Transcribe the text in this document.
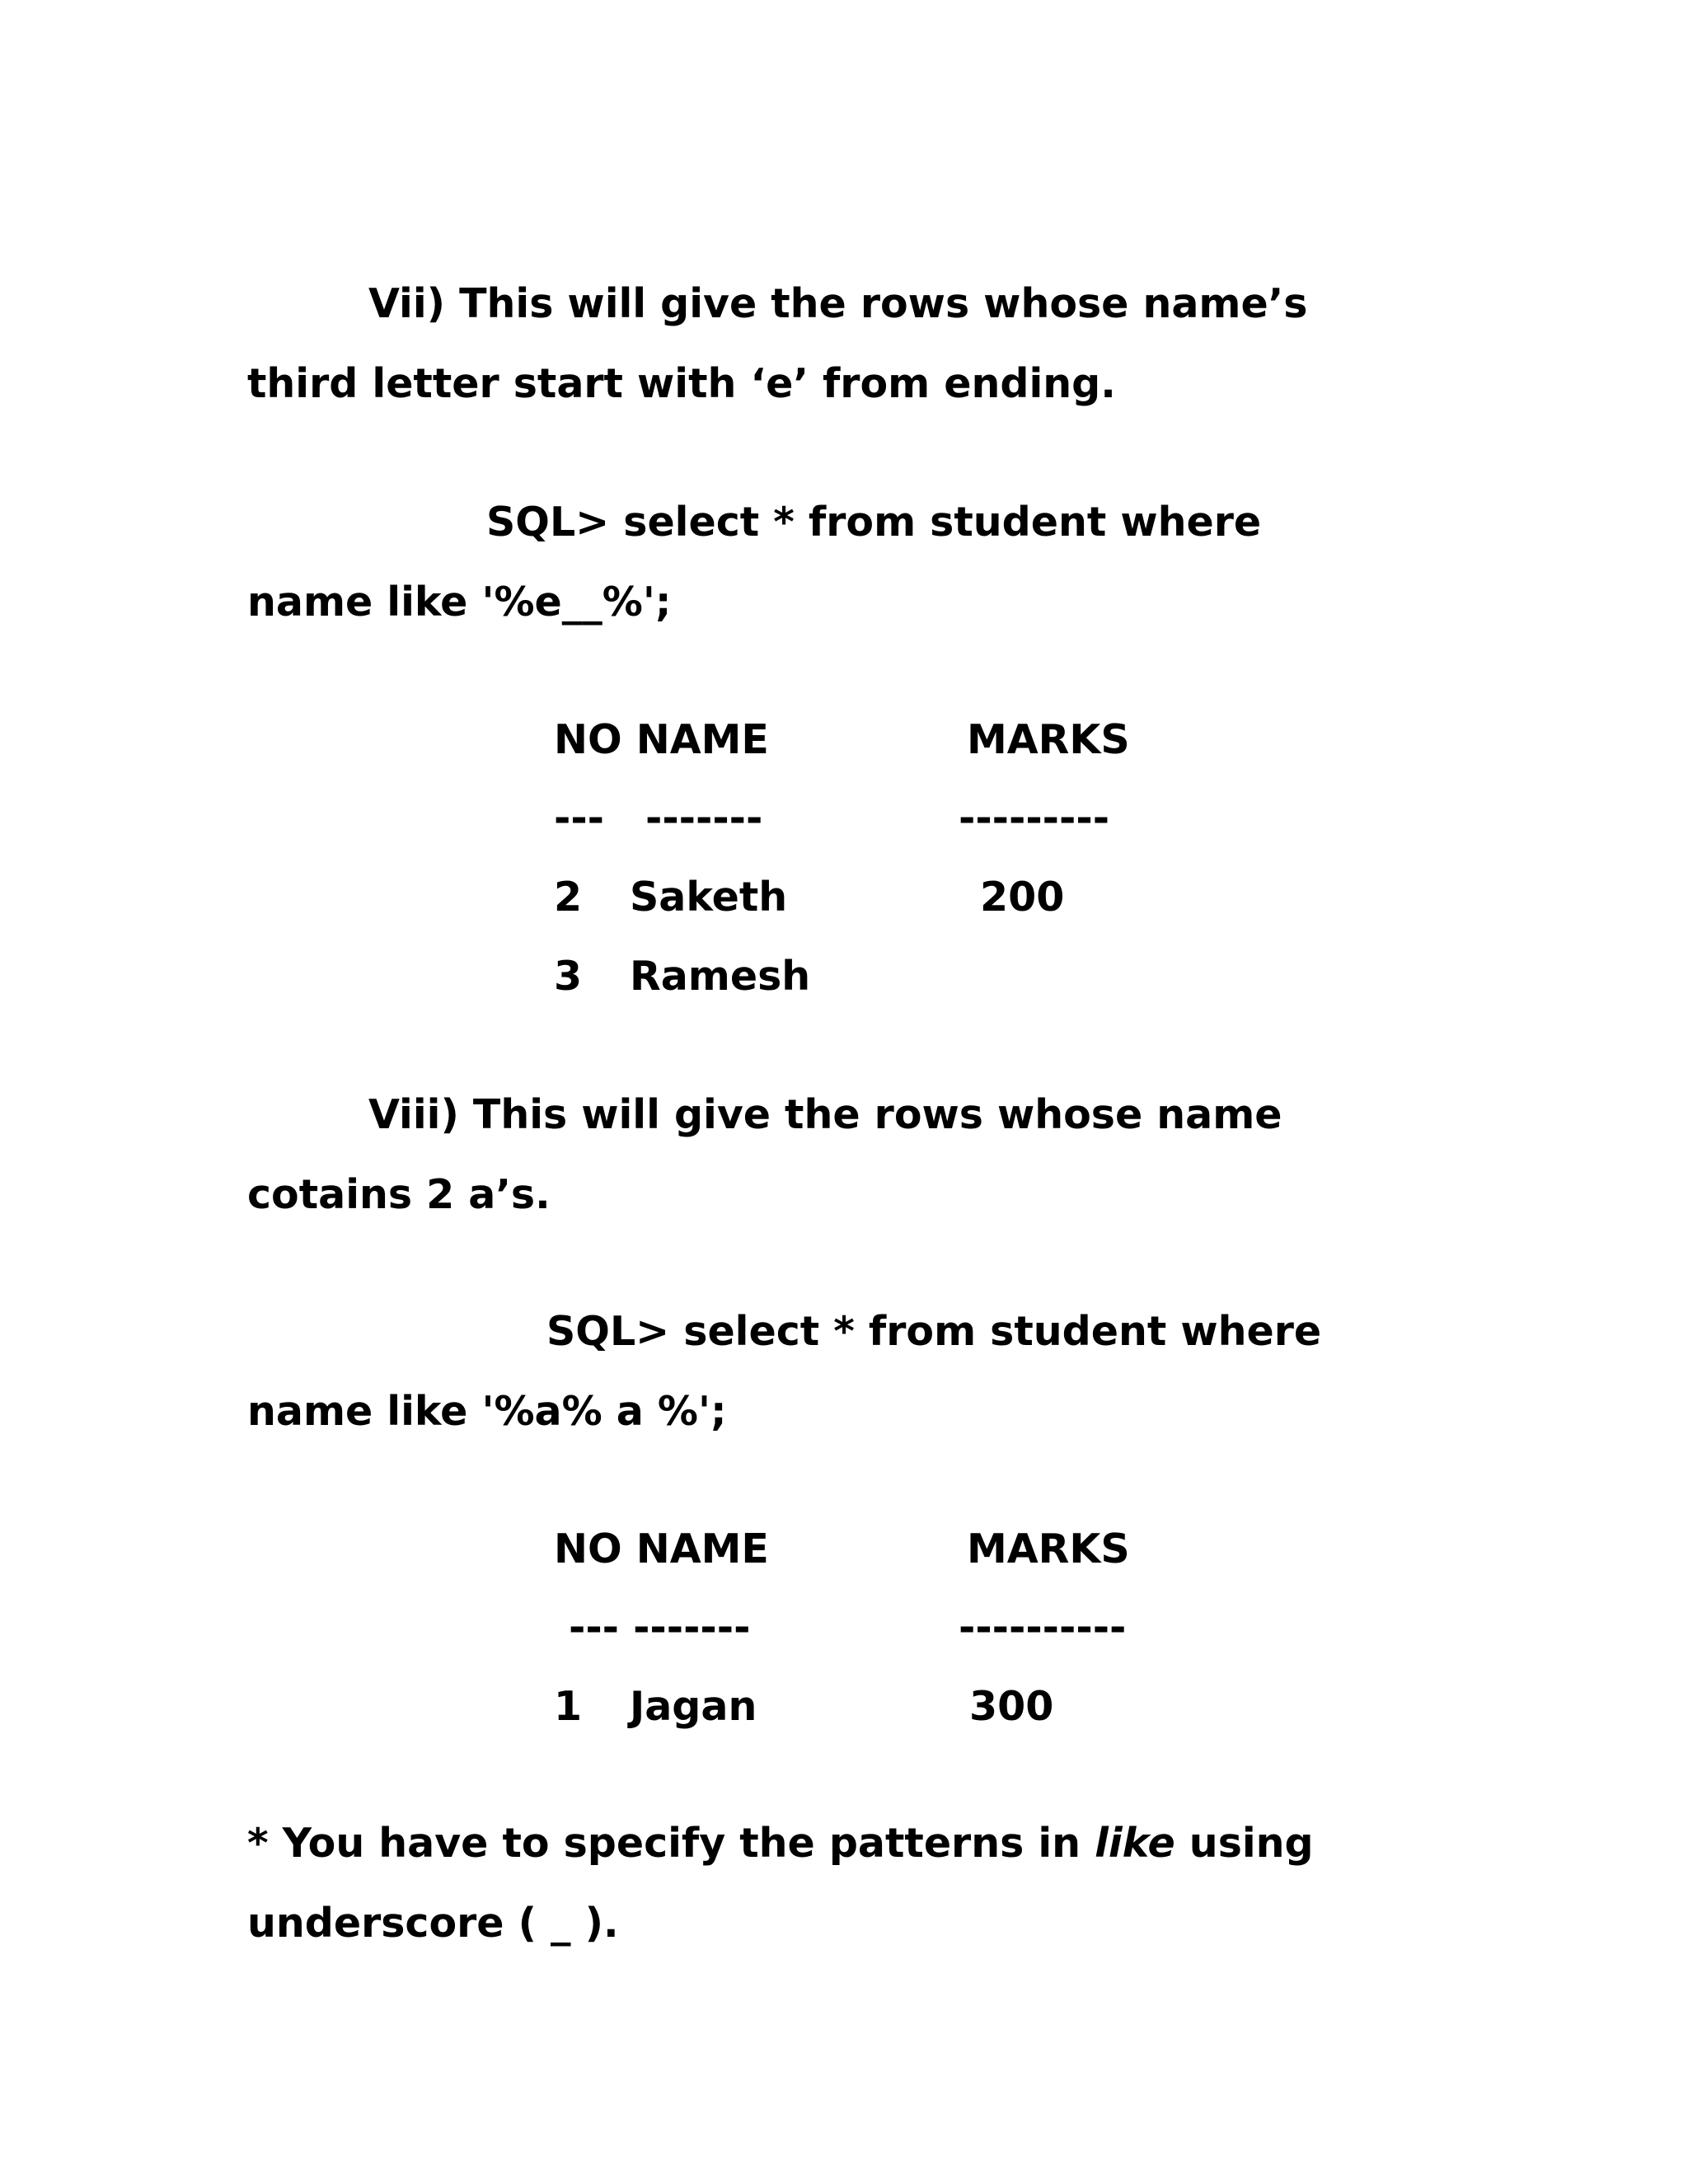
Vii) This will give the rows whose name’s
third letter start with ‘e’ from ending.
SQL> select * from student where
name like '%e__%';
NO NAME	MARKS
--- -------	---------
2 Saketh	200
3 Ramesh
Viii) This will give the rows whose name
cotains 2 a’s.
SQL> select * from student where
name like '%a% a %';
NO NAME	MARKS
--- -------	----------
1 Jagan	300
* You have to specify the patterns in like using
underscore ( _ ).
